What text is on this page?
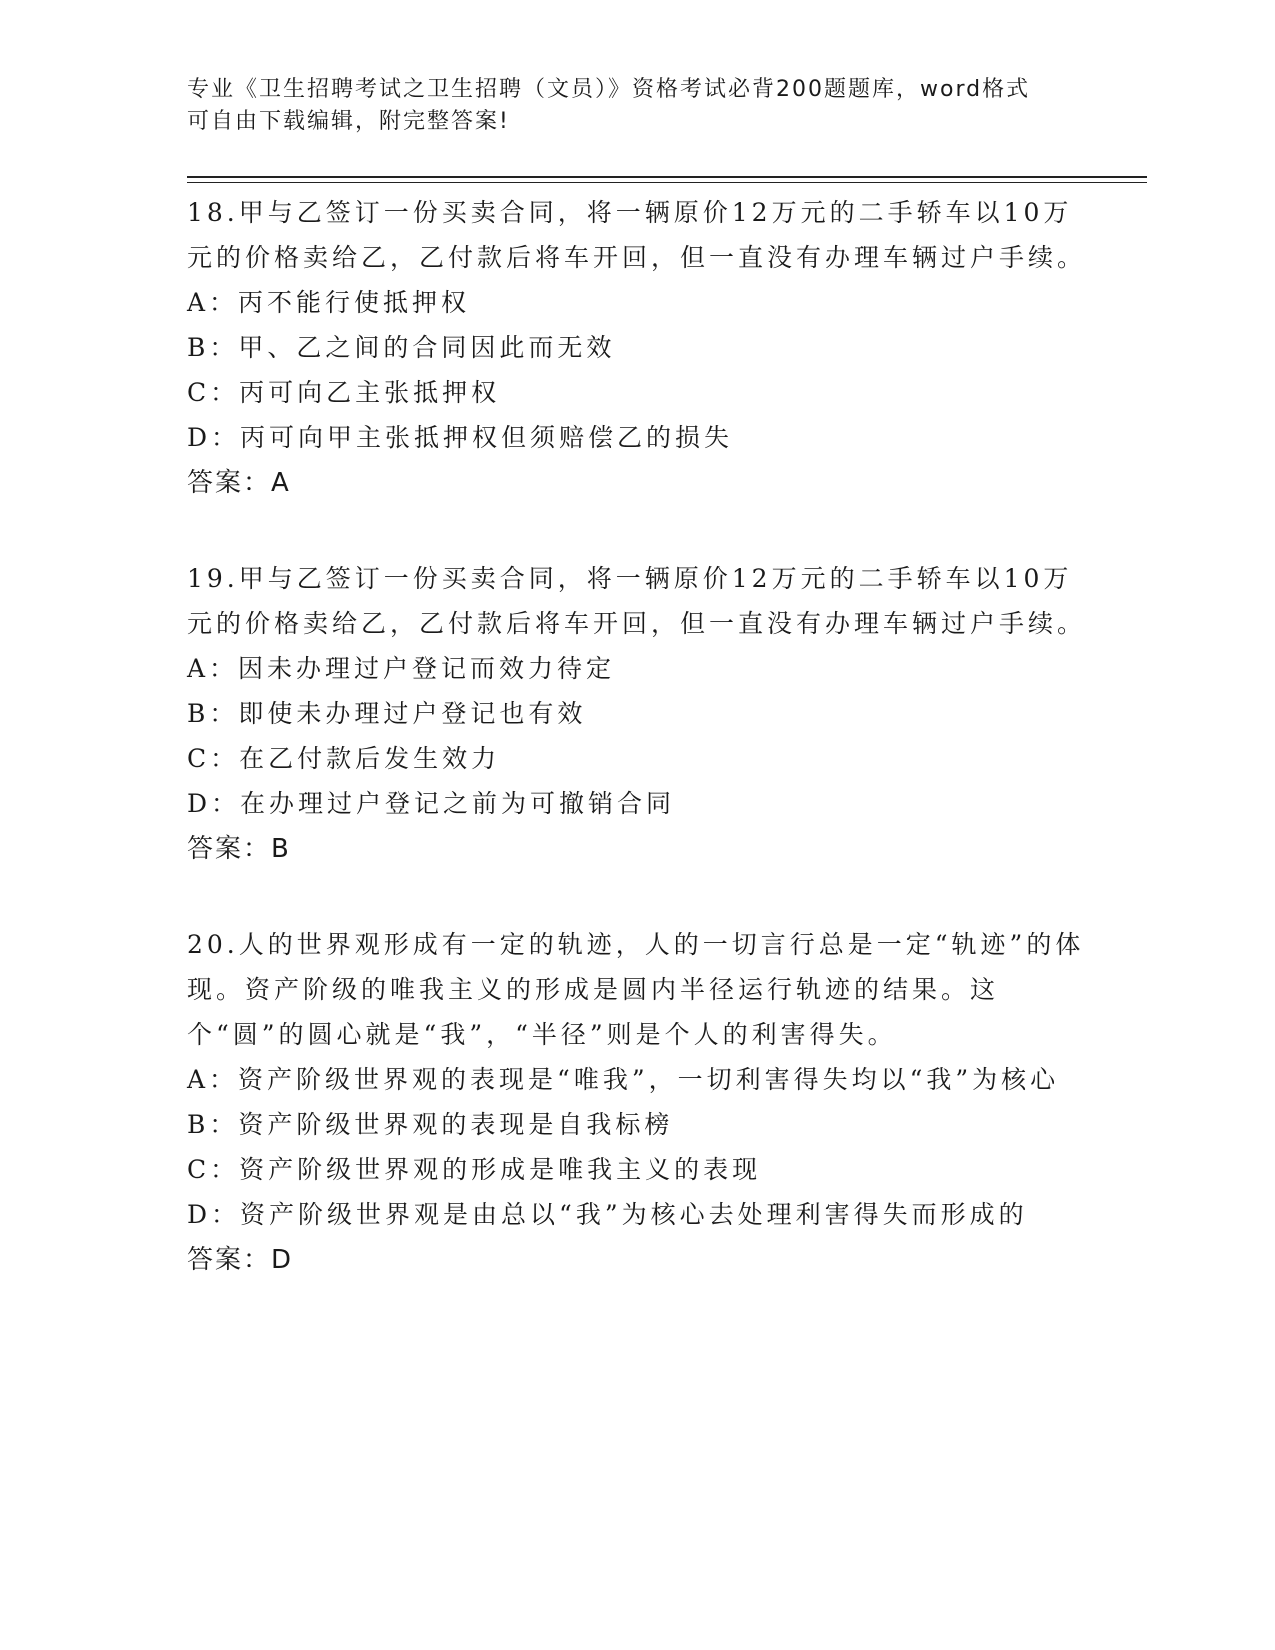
专业《卫生招聘考试之卫生招聘（文员）》资格考试必背200题题库，word格式
可自由下载编辑，附完整答案!

18.甲与乙签订一份买卖合同，将一辆原价12万元的二手轿车以10万元的价格卖给乙，乙付款后将车开回，但一直没有办理车辆过户手续。

A：丙不能行使抵押权

B：甲、乙之间的合同因此而无效

C：丙可向乙主张抵押权

D：丙可向甲主张抵押权但须赔偿乙的损失

答案：A

19.甲与乙签订一份买卖合同，将一辆原价12万元的二手轿车以10万元的价格卖给乙，乙付款后将车开回，但一直没有办理车辆过户手续。

A：因未办理过户登记而效力待定

B：即使未办理过户登记也有效

C：在乙付款后发生效力

D：在办理过户登记之前为可撤销合同

答案：B

20.人的世界观形成有一定的轨迹，人的一切言行总是一定“轨迹”的体现。资产阶级的唯我主义的形成是圆内半径运行轨迹的结果。这个“圆”的圆心就是“我”，“半径”则是个人的利害得失。

A：资产阶级世界观的表现是“唯我”，一切利害得失均以“我”为核心

B：资产阶级世界观的表现是自我标榜

C：资产阶级世界观的形成是唯我主义的表现

D：资产阶级世界观是由总以“我”为核心去处理利害得失而形成的

答案：D
